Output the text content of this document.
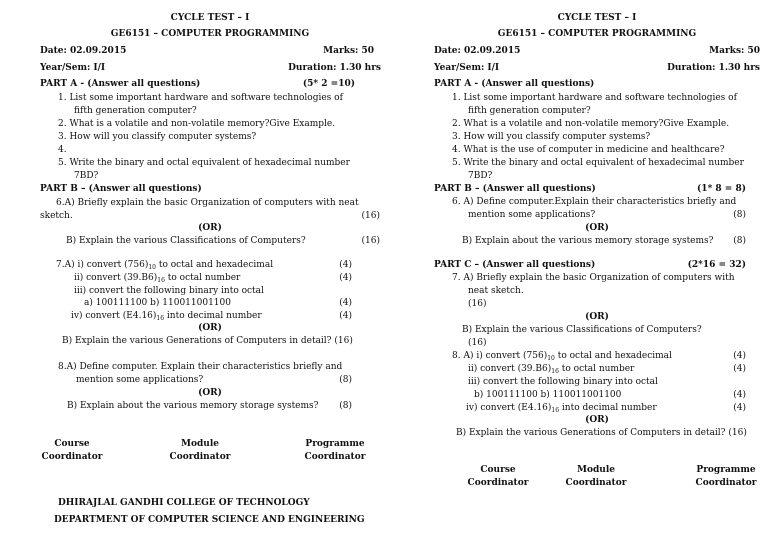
CYCLE TEST – I
GE6151 – COMPUTER PROGRAMMING
Date: 02.09.2015	Marks: 50
Year/Sem: I/I	Duration: 1.30 hrs
PART A - (Answer all questions)	(5* 2 =10)
1. List some important hardware and software technologies of
fifth generation computer?
2. What is a volatile and non-volatile memory?Give Example.
3. How will you classify computer systems?
4.
5. Write the binary and octal equivalent of hexadecimal number
7BD?
PART B – (Answer all questions)
6.A) Briefly explain the basic Organization of computers with neat
sketch.	(16)
(OR)
B) Explain the various Classifications of Computers?	(16)
7.A) i) convert $(756)_{10}$ to octal and hexadecimal	(4)
ii) convert $(39.B6)_{16}$ to octal number	(4)
iii) convert the following binary into octal
a) 100111100 b) 110011001100	(4)
iv) convert $(E4.16)_{16}$ into decimal number	(4)
(OR)
B) Explain the various Generations of Computers in detail? (16)
8.A) Define computer. Explain their characteristics briefly and
mention some applications?	(8)
(OR)
B) Explain about the various memory storage systems? (8)
Course
Coordinator
Module
Coordinator
Programme
Coordinator
DHIRAJLAL GANDHI COLLEGE OF TECHNOLOGY
DEPARTMENT OF COMPUTER SCIENCE AND ENGINEERING
CYCLE TEST – I
GE6151 – COMPUTER PROGRAMMING
Date: 02.09.2015	Marks: 50
Year/Sem: I/I	Duration: 1.30 hrs
PART A - (Answer all questions)
1. List some important hardware and software technologies of
fifth generation computer?
2. What is a volatile and non-volatile memory?Give Example.
3. How will you classify computer systems?
4. What is the use of computer in medicine and healthcare?
5. Write the binary and octal equivalent of hexadecimal number
7BD?
PART B – (Answer all questions)	(1* 8 = 8)
6. A) Define computer.Explain their characteristics briefly and
mention some applications?	(8)
(OR)
B) Explain about the various memory storage systems? (8)
PART C – (Answer all questions)	(2*16 = 32)
7. A) Briefly explain the basic Organization of computers with
neat sketch.
(16)
(OR)
B) Explain the various Classifications of Computers?
(16)
8. A) i) convert $(756)_{10}$ to octal and hexadecimal	(4)
ii) convert $(39.B6)_{16}$ to octal number	(4)
iii) convert the following binary into octal
b) 100111100 b) 110011001100	(4)
iv) convert $(E4.16)_{16}$ into decimal number	(4)
(OR)
B) Explain the various Generations of Computers in detail? (16)
Course
Coordinator
Module
Coordinator
Programme
Coordinator
